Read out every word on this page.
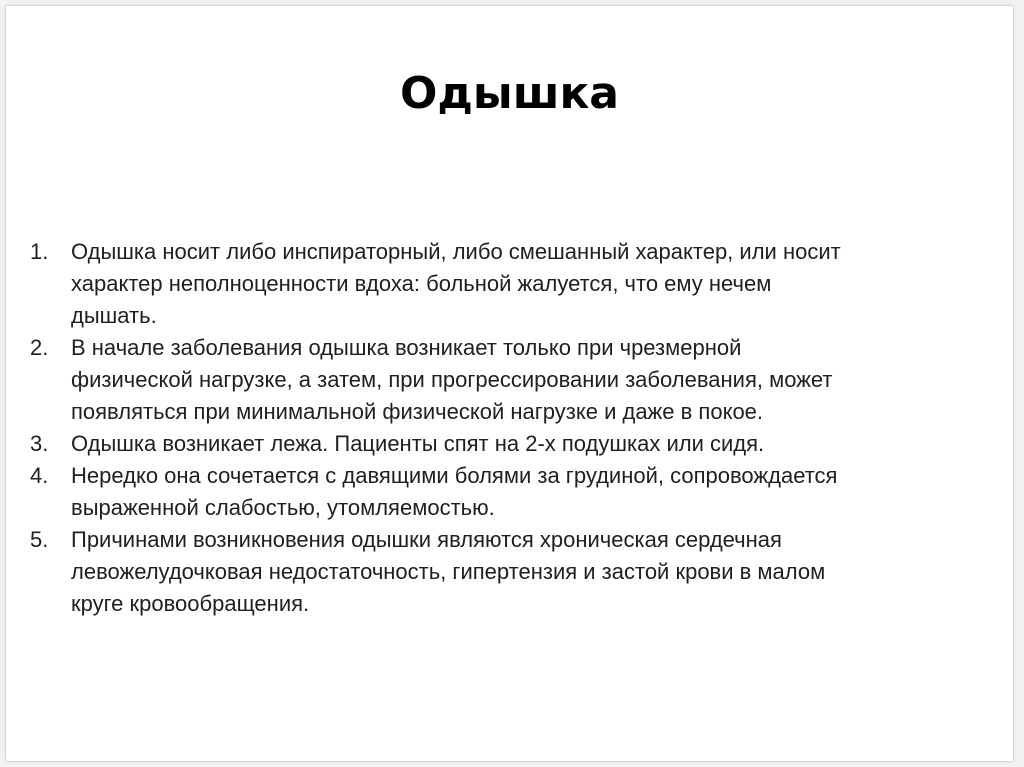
Одышка
1.	Одышка носит либо инспираторный, либо смешанный характер, или носит
характер неполноценности вдоха: больной жалуется, что ему нечем
дышать.
2.	В начале заболевания одышка возникает только при чрезмерной
физической нагрузке, а затем, при прогрессировании заболевания, может
появляться при минимальной физической нагрузке и даже в покое.
3.	Одышка возникает лежа. Пациенты спят на 2-х подушках или сидя.
4.	Нередко она сочетается с давящими болями за грудиной, сопровождается
выраженной слабостью, утомляемостью.
5.	Причинами возникновения одышки являются хроническая сердечная
левожелудочковая недостаточность, гипертензия и застой крови в малом
круге кровообращения.
